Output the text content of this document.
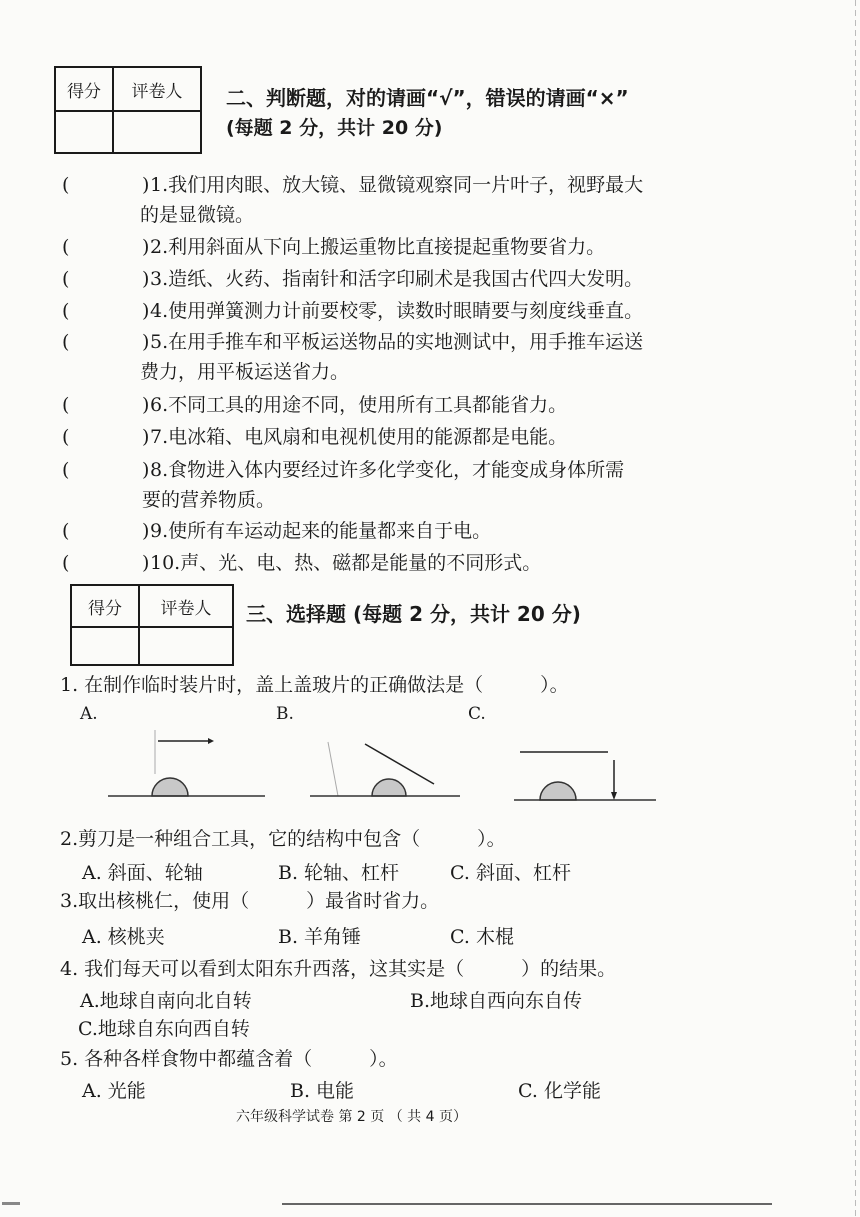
得分	评卷人
	二、判断题，对的请画“√”，错误的请画“×”
(每题 2 分，共计 20 分)
(	) 1.我们用肉眼、放大镜、显微镜观察同一片叶子，视野最大
的是显微镜。
(	) 2.利用斜面从下向上搬运重物比直接提起重物要省力。
(	) 3.造纸、火药、指南针和活字印刷术是我国古代四大发明。
(	) 4.使用弹簧测力计前要校零，读数时眼睛要与刻度线垂直。
(	) 5.在用手推车和平板运送物品的实地测试中，用手推车运送
费力，用平板运送省力。
(	) 6.不同工具的用途不同，使用所有工具都能省力。
(	) 7.电冰箱、电风扇和电视机使用的能源都是电能。
(	) 8.食物进入体内要经过许多化学变化，才能变成身体所需
要的营养物质。
(	) 9.使所有车运动起来的能量都来自于电。
(	) 10.声、光、电、热、磁都是能量的不同形式。
得分	评卷人
	三、选择题 (每题 2 分，共计 20 分)
1. 在制作临时装片时，盖上盖玻片的正确做法是（　　　）。
A.	B.	C.
2.剪刀是一种组合工具，它的结构中包含（　　　）。
A. 斜面、轮轴	B. 轮轴、杠杆	C. 斜面、杠杆
3.取出核桃仁，使用（　　　）最省时省力。
A. 核桃夹	B. 羊角锤	C. 木棍
4. 我们每天可以看到太阳东升西落，这其实是（　　　）的结果。
A.地球自南向北自转	B.地球自西向东自传
C.地球自东向西自转
5. 各种各样食物中都蕴含着（　　　）。
A. 光能	B. 电能	C. 化学能
六年级科学试卷 第 2 页 （ 共 4 页）
